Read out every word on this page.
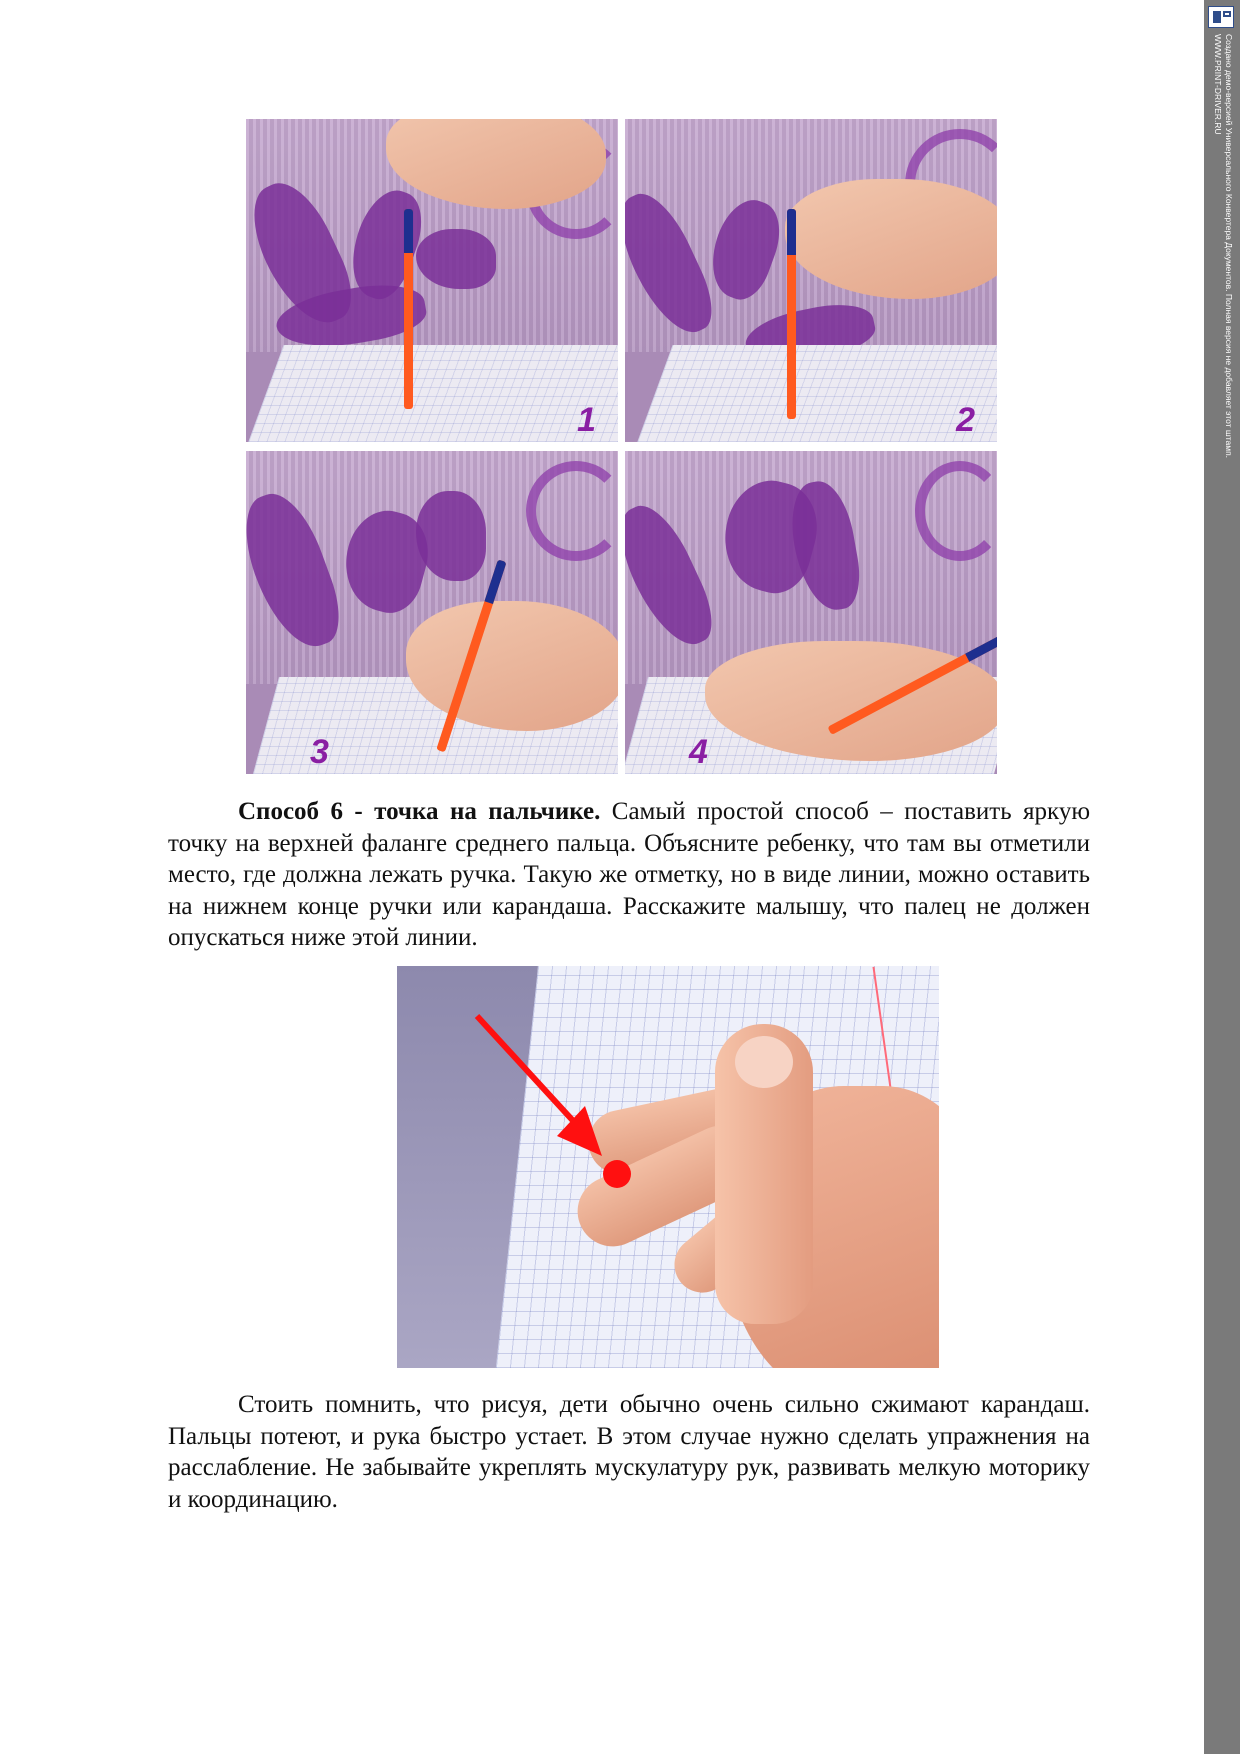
Создано демо-версией Универсального Конвертера Документов. Полная версия не добавляет этот штамп.
WWW.PRINT-DRIVER.RU
1	2
3	4

Способ 6 - точка на пальчике. Самый простой способ – поставить яркую точку на верхней фаланге среднего пальца. Объясните ребенку, что там вы отметили место, где должна лежать ручка. Такую же отметку, но в виде линии, можно оставить на нижнем конце ручки или карандаша. Расскажите малышу, что палец не должен опускаться ниже этой линии.

Стоить помнить, что рисуя, дети обычно очень сильно сжимают карандаш. Пальцы потеют, и рука быстро устает. В этом случае нужно сделать упражнения на расслабление. Не забывайте укреплять мускулатуру рук, развивать мелкую моторику и координацию.
